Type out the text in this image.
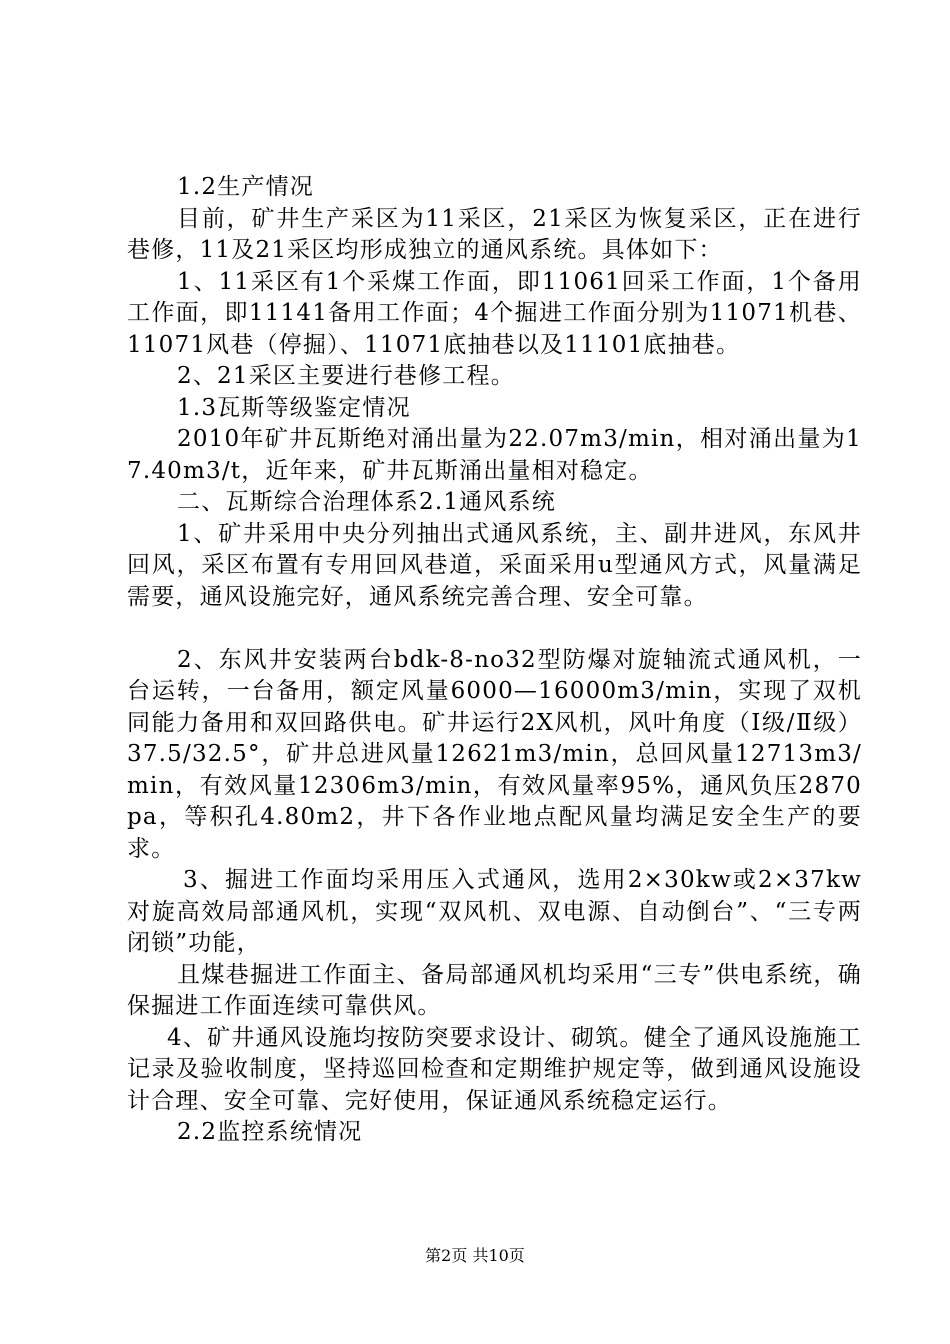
1.2生产情况

目前，矿井生产采区为11采区，21采区为恢复采区，正在进行巷修，11及21采区均形成独立的通风系统。具体如下：

1、11采区有1个采煤工作面，即11061回采工作面，1个备用工作面，即11141备用工作面；4个掘进工作面分别为11071机巷、11071风巷（停掘）、11071底抽巷以及11101底抽巷。

2、21采区主要进行巷修工程。

1.3瓦斯等级鉴定情况

2010年矿井瓦斯绝对涌出量为22.07m3/min，相对涌出量为17.40m3/t，近年来，矿井瓦斯涌出量相对稳定。

二、瓦斯综合治理体系2.1通风系统

1、矿井采用中央分列抽出式通风系统，主、副井进风，东风井回风，采区布置有专用回风巷道，采面采用u型通风方式，风量满足需要，通风设施完好，通风系统完善合理、安全可靠。

2、东风井安装两台bdk-8-no32型防爆对旋轴流式通风机，一台运转，一台备用，额定风量6000—16000m3/min，实现了双机同能力备用和双回路供电。矿井运行2X风机，风叶角度（Ⅰ级/Ⅱ级）37.5/32.5°，矿井总进风量12621m3/min，总回风量12713m3/min，有效风量12306m3/min，有效风量率95%，通风负压2870pa，等积孔4.80m2，井下各作业地点配风量均满足安全生产的要求。

3、掘进工作面均采用压入式通风，选用2×30kw或2×37kw对旋高效局部通风机，实现“双风机、双电源、自动倒台”、“三专两闭锁”功能，

且煤巷掘进工作面主、备局部通风机均采用“三专”供电系统，确保掘进工作面连续可靠供风。

4、矿井通风设施均按防突要求设计、砌筑。健全了通风设施施工记录及验收制度，坚持巡回检查和定期维护规定等，做到通风设施设计合理、安全可靠、完好使用，保证通风系统稳定运行。

2.2监控系统情况

第2页 共10页
